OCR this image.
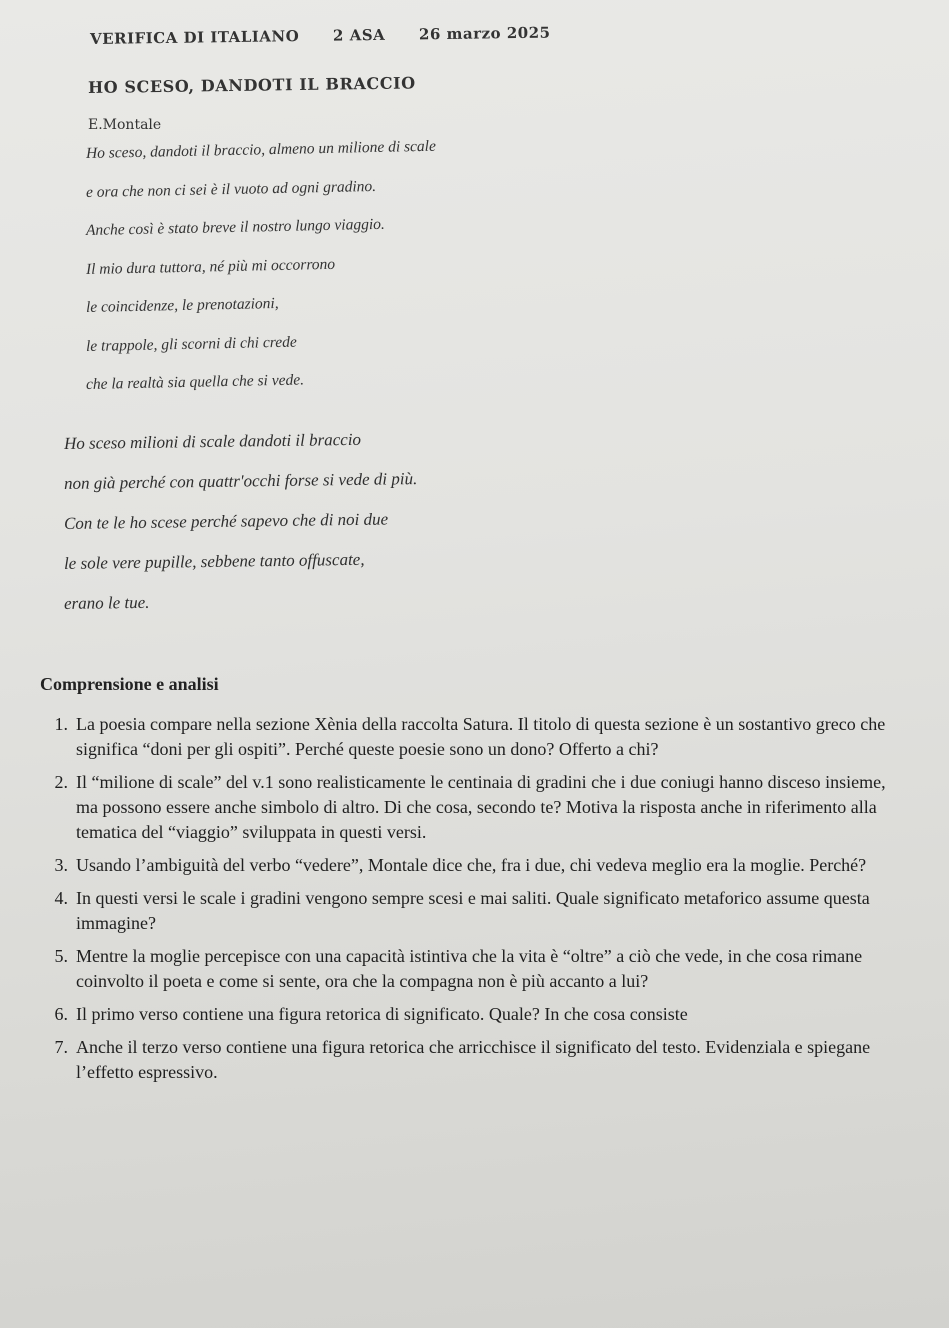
VERIFICA DI ITALIANO 2 ASA 26 marzo 2025
HO SCESO, DANDOTI IL BRACCIO
E.Montale
Ho sceso, dandoti il braccio, almeno un milione di scale
e ora che non ci sei è il vuoto ad ogni gradino.
Anche così è stato breve il nostro lungo viaggio.
Il mio dura tuttora, né più mi occorrono
le coincidenze, le prenotazioni,
le trappole, gli scorni di chi crede
che la realtà sia quella che si vede.
Ho sceso milioni di scale dandoti il braccio
non già perché con quattr'occhi forse si vede di più.
Con te le ho scese perché sapevo che di noi due
le sole vere pupille, sebbene tanto offuscate,
erano le tue.
Comprensione e analisi
1. La poesia compare nella sezione Xènia della raccolta Satura. Il titolo di questa sezione è un sostantivo greco che significa “doni per gli ospiti”. Perché queste poesie sono un dono? Offerto a chi?
2. Il “milione di scale” del v.1 sono realisticamente le centinaia di gradini che i due coniugi hanno disceso insieme, ma possono essere anche simbolo di altro. Di che cosa, secondo te? Motiva la risposta anche in riferimento alla tematica del “viaggio” sviluppata in questi versi.
3. Usando l’ambiguità del verbo “vedere”, Montale dice che, fra i due, chi vedeva meglio era la moglie. Perché?
4. In questi versi le scale i gradini vengono sempre scesi e mai saliti. Quale significato metaforico assume questa immagine?
5. Mentre la moglie percepisce con una capacità istintiva che la vita è “oltre” a ciò che vede, in che cosa rimane coinvolto il poeta e come si sente, ora che la compagna non è più accanto a lui?
6. Il primo verso contiene una figura retorica di significato. Quale? In che cosa consiste
7. Anche il terzo verso contiene una figura retorica che arricchisce il significato del testo. Evidenziala e spiegane l’effetto espressivo.
